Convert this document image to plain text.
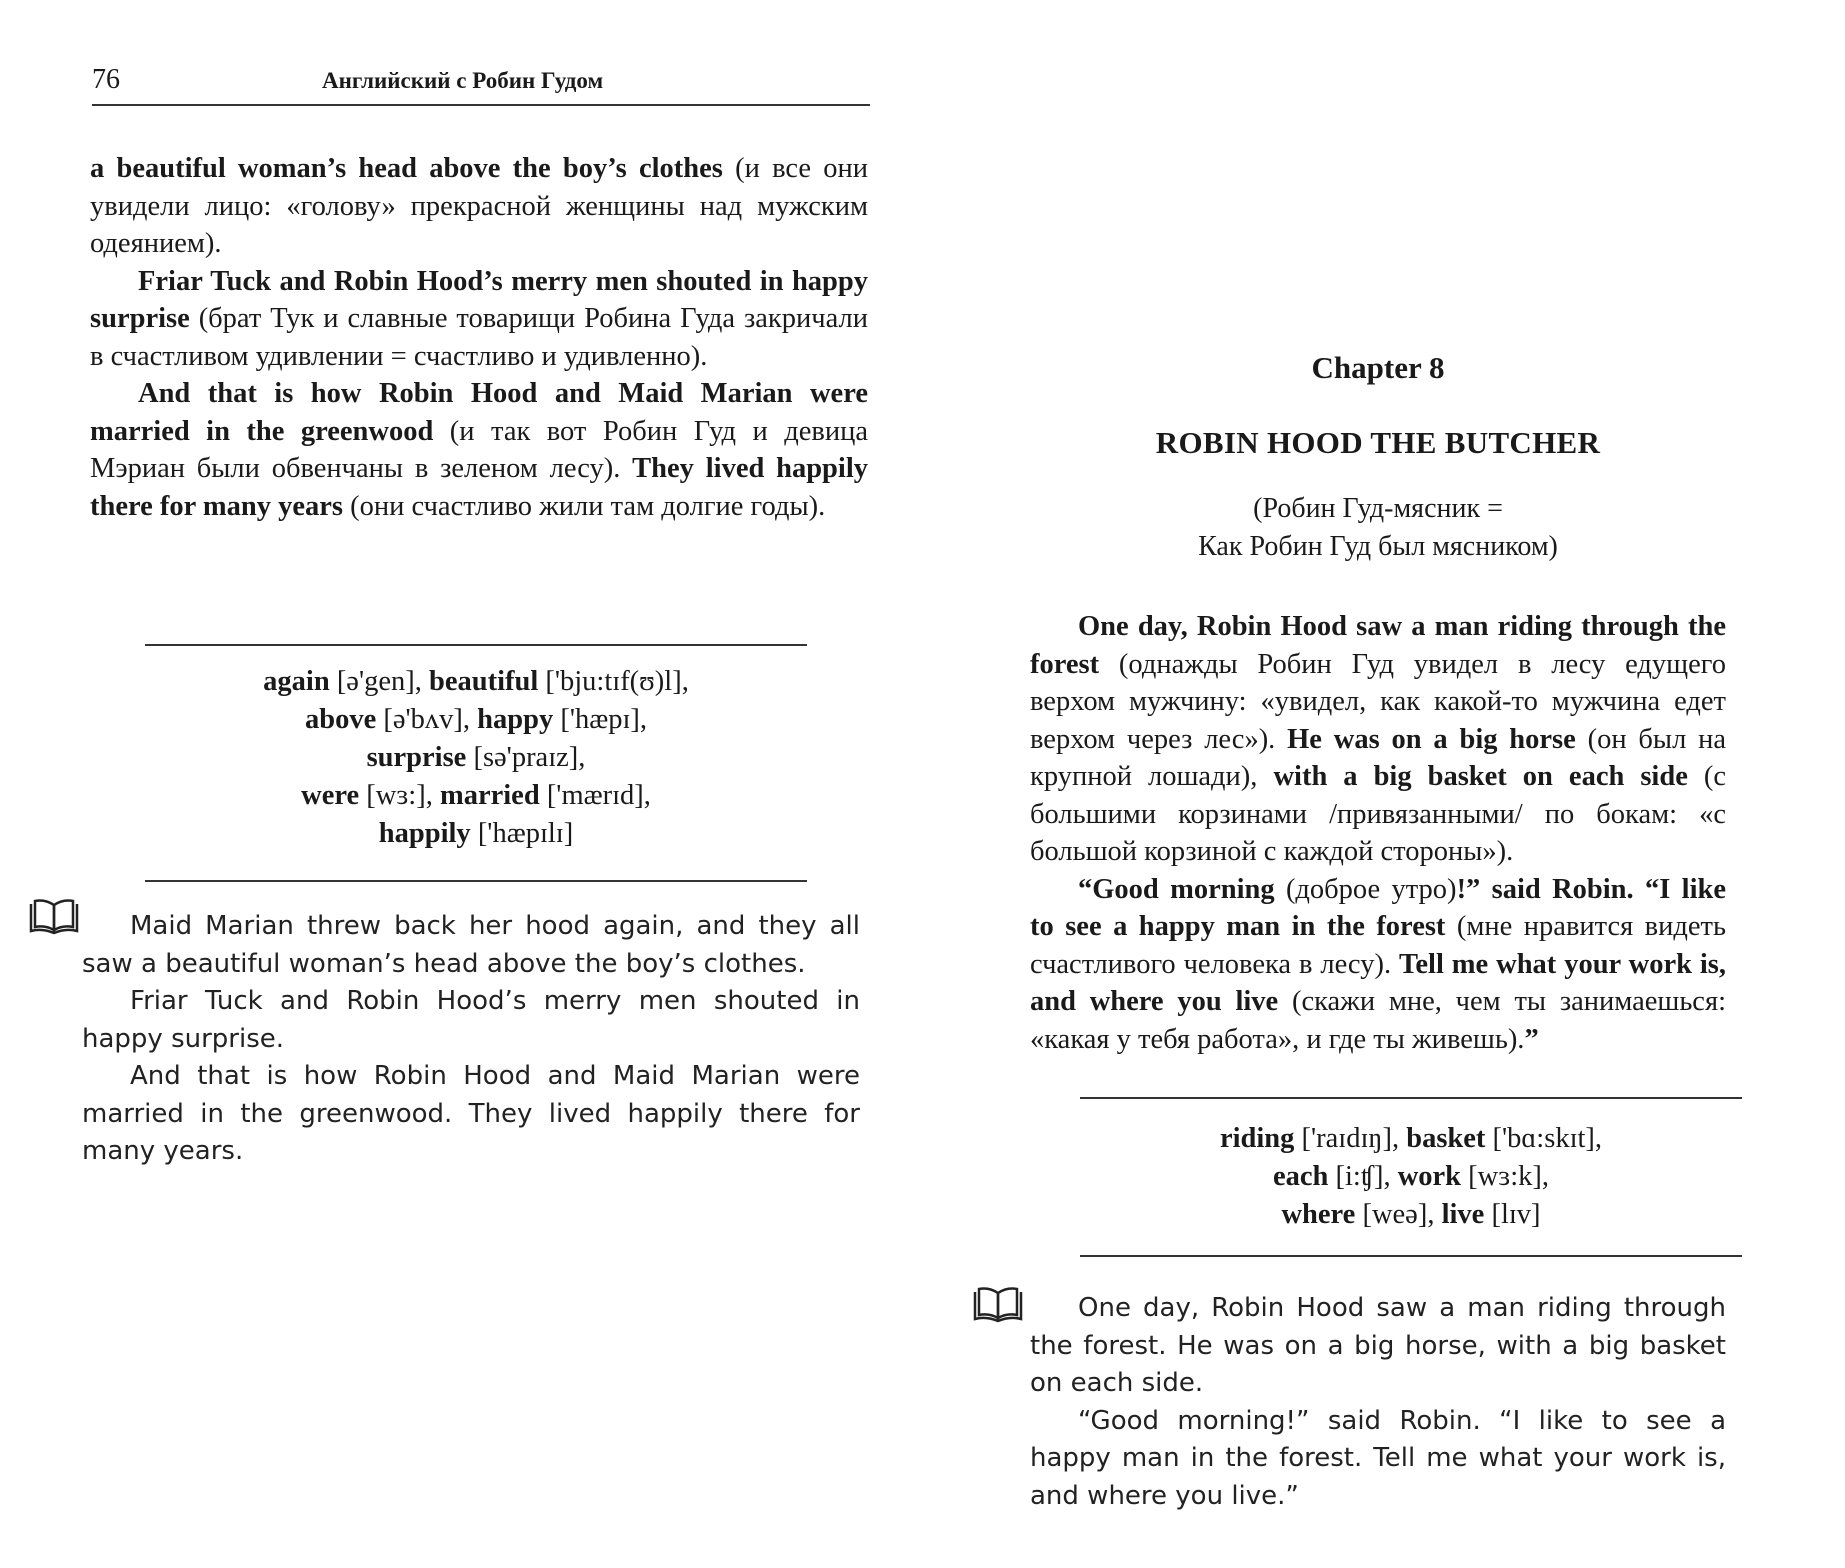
76	Английский с Робин Гудом

a beautiful woman’s head above the boy’s clothes (и все они увидели лицо: «голову» прекрасной женщины над мужским одеянием).

Friar Tuck and Robin Hood’s merry men shouted in happy surprise (брат Тук и славные товарищи Робина Гуда закричали в счастливом удивлении = счастливо и удивленно).

And that is how Robin Hood and Maid Marian were married in the greenwood (и так вот Робин Гуд и девица Мэриан были обвенчаны в зеленом лесу). They lived happily there for many years (они счастливо жили там долгие годы).

again [ə'gen], beautiful ['bju:tɪf(ʊ)l],
above [ə'bʌv], happy ['hæpɪ],
surprise [sə'praɪz],
were [wɜ:], married ['mærɪd],
happily ['hæpɪlɪ]

Maid Marian threw back her hood again, and they all saw a beautiful woman’s head above the boy’s clothes.

Friar Tuck and Robin Hood’s merry men shouted in happy surprise.

And that is how Robin Hood and Maid Marian were married in the greenwood. They lived happily there for many years.

Chapter 8
ROBIN HOOD THE BUTCHER
(Робин Гуд-мясник =
Как Робин Гуд был мясником)

One day, Robin Hood saw a man riding through the forest (однажды Робин Гуд увидел в лесу едущего верхом мужчину: «увидел, как какой-то мужчина едет верхом через лес»). He was on a big horse (он был на крупной лошади), with a big basket on each side (с большими корзинами /привязанными/ по бокам: «с большой корзиной с каждой стороны»).

“Good morning (доброе утро)!” said Robin. “I like to see a happy man in the forest (мне нравится видеть счастливого человека в лесу). Tell me what your work is, and where you live (скажи мне, чем ты занимаешься: «какая у тебя работа», и где ты живешь).”

riding ['raɪdɪŋ], basket ['bɑ:skɪt],
each [i:ʧ], work [wɜ:k],
where [weə], live [lɪv]

One day, Robin Hood saw a man riding through the forest. He was on a big horse, with a big basket on each side.

“Good morning!” said Robin. “I like to see a happy man in the forest. Tell me what your work is, and where you live.”
